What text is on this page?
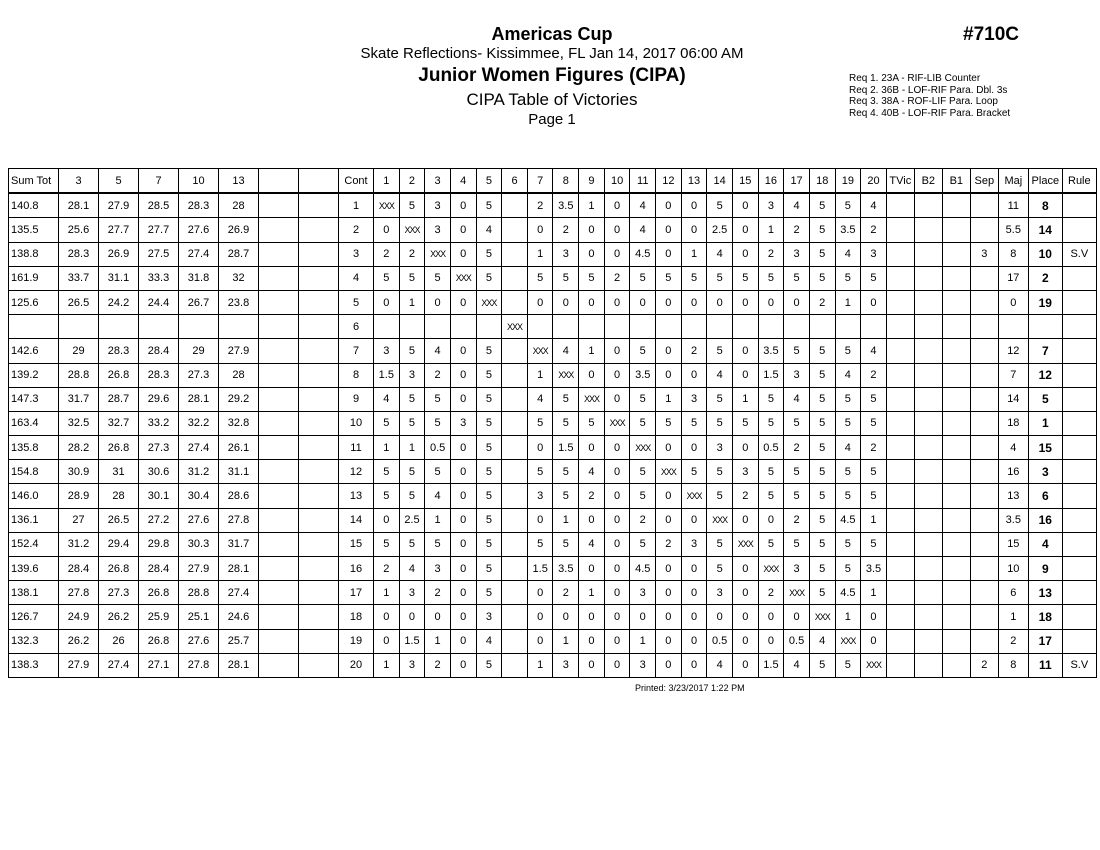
Americas Cup
Skate Reflections- Kissimmee, FL Jan 14, 2017 06:00 AM
Junior Women Figures (CIPA)
CIPA Table of Victories
Page 1
#710C
Req 1. 23A - RIF-LIB Counter
Req 2. 36B - LOF-RIF Para. Dbl. 3s
Req 3. 38A - ROF-LIF Para. Loop
Req 4. 40B - LOF-RIF Para. Bracket
Sum Tot	3	5	7	10	13			Cont	1	2	3	4	5	6	7	8	9	10	11	12	13	14	15	16	17	18	19	20	TVic	B2	B1	Sep	Maj	Place	Rule
140.8	28.1	27.9	28.5	28.3	28			1	XXX	5	3	0	5		2	3.5	1	0	4	0	0	5	0	3	4	5	5	4					11	8	
135.5	25.6	27.7	27.7	27.6	26.9			2	0	XXX	3	0	4		0	2	0	0	4	0	0	2.5	0	1	2	5	3.5	2					5.5	14	
138.8	28.3	26.9	27.5	27.4	28.7			3	2	2	XXX	0	5		1	3	0	0	4.5	0	1	4	0	2	3	5	4	3				3	8	10	S.V
161.9	33.7	31.1	33.3	31.8	32			4	5	5	5	XXX	5		5	5	5	2	5	5	5	5	5	5	5	5	5	5					17	2	
125.6	26.5	24.2	24.4	26.7	23.8			5	0	1	0	0	XXX		0	0	0	0	0	0	0	0	0	0	0	2	1	0					0	19	
								6						XXX																					
142.6	29	28.3	28.4	29	27.9			7	3	5	4	0	5		XXX	4	1	0	5	0	2	5	0	3.5	5	5	5	4					12	7	
139.2	28.8	26.8	28.3	27.3	28			8	1.5	3	2	0	5		1	XXX	0	0	3.5	0	0	4	0	1.5	3	5	4	2					7	12	
147.3	31.7	28.7	29.6	28.1	29.2			9	4	5	5	0	5		4	5	XXX	0	5	1	3	5	1	5	4	5	5	5					14	5	
163.4	32.5	32.7	33.2	32.2	32.8			10	5	5	5	3	5		5	5	5	XXX	5	5	5	5	5	5	5	5	5	5					18	1	
135.8	28.2	26.8	27.3	27.4	26.1			11	1	1	0.5	0	5		0	1.5	0	0	XXX	0	0	3	0	0.5	2	5	4	2					4	15	
154.8	30.9	31	30.6	31.2	31.1			12	5	5	5	0	5		5	5	4	0	5	XXX	5	5	3	5	5	5	5	5					16	3	
146.0	28.9	28	30.1	30.4	28.6			13	5	5	4	0	5		3	5	2	0	5	0	XXX	5	2	5	5	5	5	5					13	6	
136.1	27	26.5	27.2	27.6	27.8			14	0	2.5	1	0	5		0	1	0	0	2	0	0	XXX	0	0	2	5	4.5	1					3.5	16	
152.4	31.2	29.4	29.8	30.3	31.7			15	5	5	5	0	5		5	5	4	0	5	2	3	5	XXX	5	5	5	5	5					15	4	
139.6	28.4	26.8	28.4	27.9	28.1			16	2	4	3	0	5		1.5	3.5	0	0	4.5	0	0	5	0	XXX	3	5	5	3.5					10	9	
138.1	27.8	27.3	26.8	28.8	27.4			17	1	3	2	0	5		0	2	1	0	3	0	0	3	0	2	XXX	5	4.5	1					6	13	
126.7	24.9	26.2	25.9	25.1	24.6			18	0	0	0	0	3		0	0	0	0	0	0	0	0	0	0	0	XXX	1	0					1	18	
132.3	26.2	26	26.8	27.6	25.7			19	0	1.5	1	0	4		0	1	0	0	1	0	0	0.5	0	0	0.5	4	XXX	0					2	17	
138.3	27.9	27.4	27.1	27.8	28.1			20	1	3	2	0	5		1	3	0	0	3	0	0	4	0	1.5	4	5	5	XXX				2	8	11	S.V
Printed: 3/23/2017 1:22 PM
